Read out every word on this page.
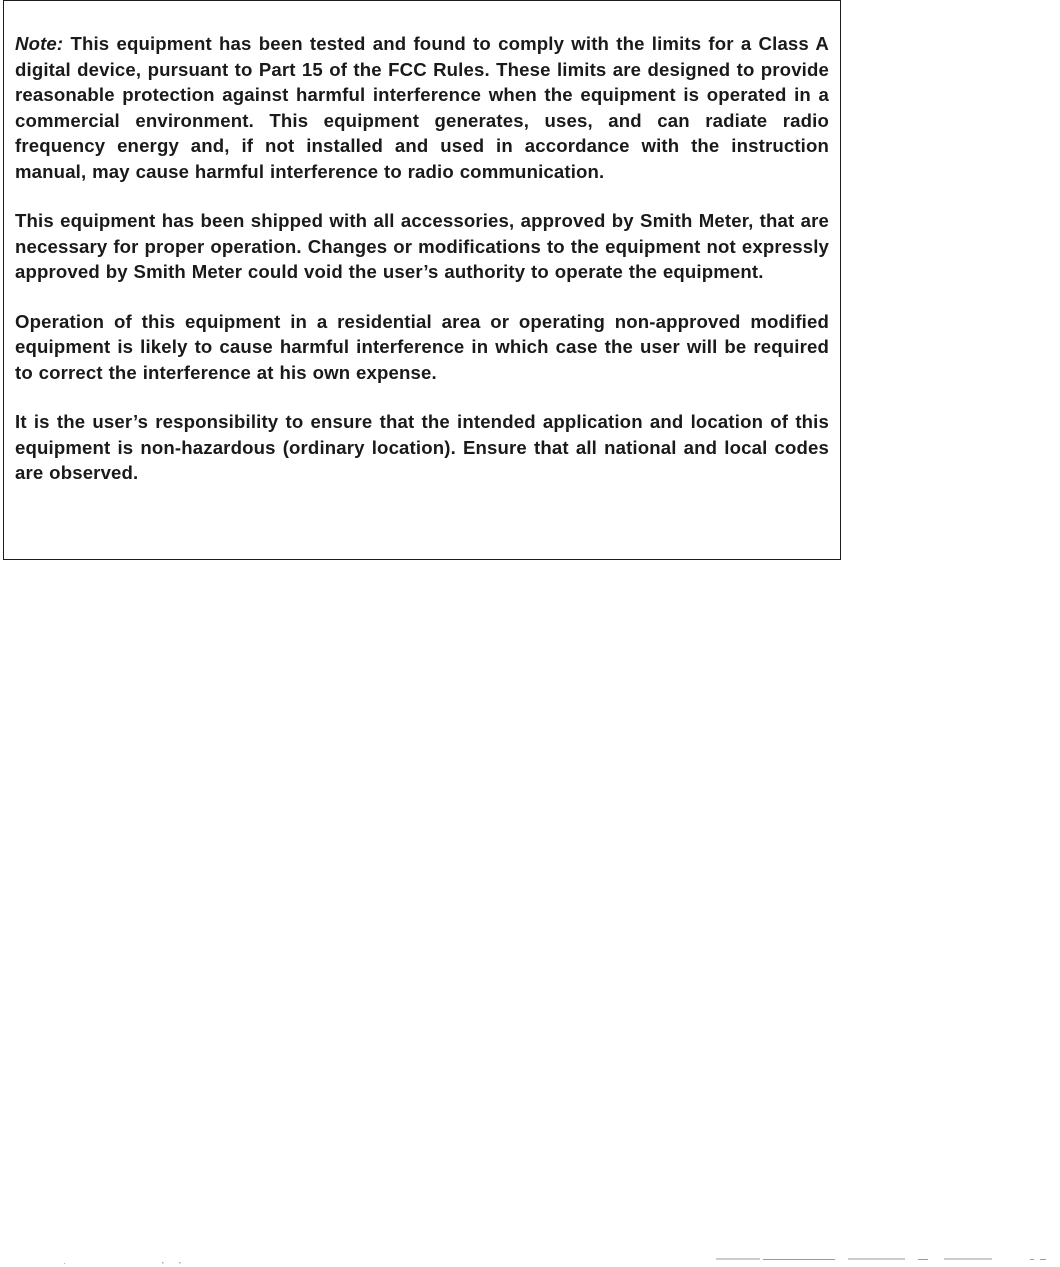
Note: This equipment has been tested and found to comply with the limits for a Class A digital device, pursuant to Part 15 of the FCC Rules. These limits are designed to provide reasonable protection against harmful interference when the equipment is operated in a commercial environment. This equipment generates, uses, and can radiate radio frequency energy and, if not installed and used in accordance with the instruction manual, may cause harmful interference to radio communication.

This equipment has been shipped with all accessories, approved by Smith Meter, that are necessary for proper operation. Changes or modifications to the equipment not expressly approved by Smith Meter could void the user’s authority to operate the equipment.

Operation of this equipment in a residential area or operating non-approved modified equipment is likely to cause harmful interference in which case the user will be required to correct the interference at his own expense.

It is the user’s responsibility to ensure that the intended application and location of this equipment is non-hazardous (ordinary location). Ensure that all national and local codes are observed.
